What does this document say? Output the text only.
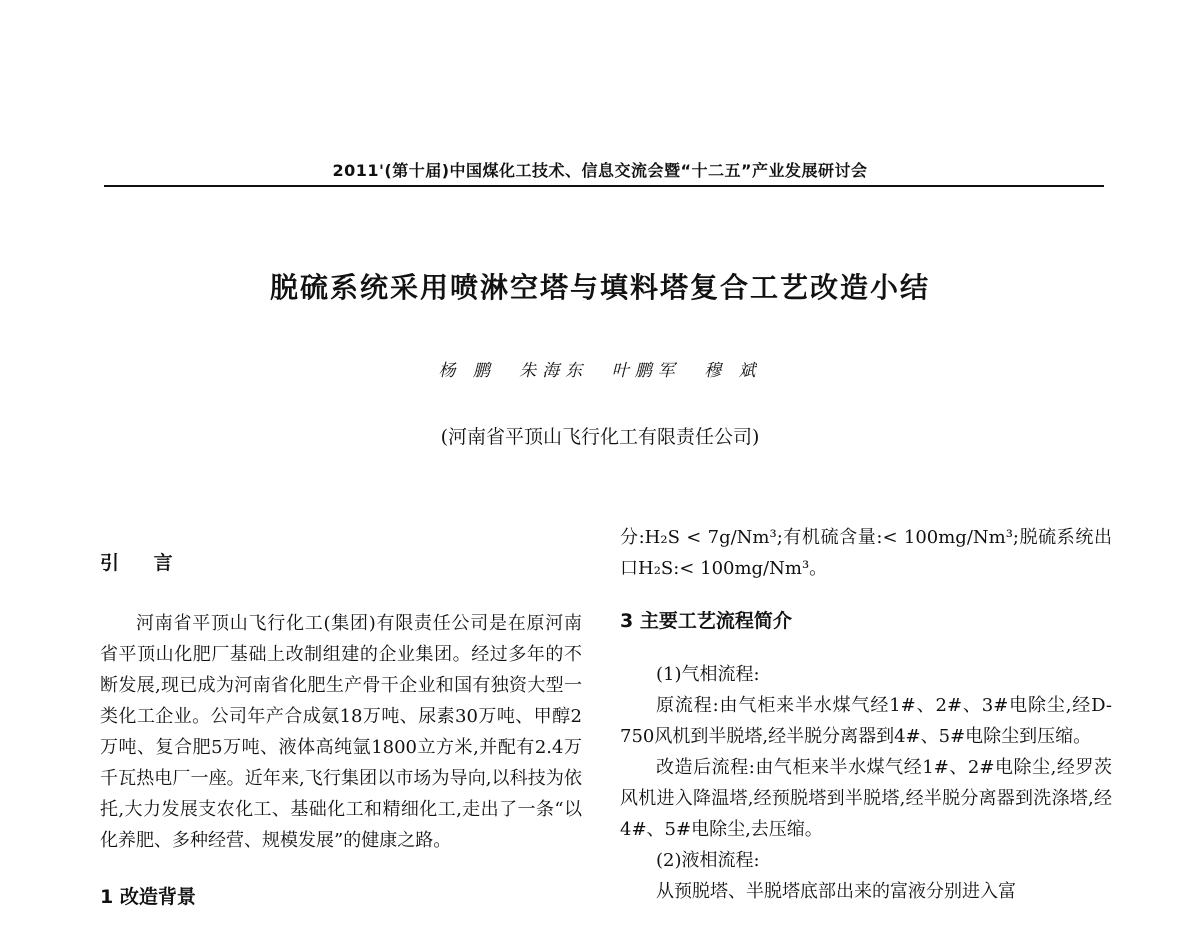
2011'(第十届)中国煤化工技术、信息交流会暨“十二五”产业发展研讨会
脱硫系统采用喷淋空塔与填料塔复合工艺改造小结
杨 鹏 朱海东 叶鹏军 穆 斌
(河南省平顶山飞行化工有限责任公司)
引 言

河南省平顶山飞行化工(集团)有限责任公司是在原河南省平顶山化肥厂基础上改制组建的企业集团。经过多年的不断发展,现已成为河南省化肥生产骨干企业和国有独资大型一类化工企业。公司年产合成氨18万吨、尿素30万吨、甲醇2万吨、复合肥5万吨、液体高纯氩1800立方米,并配有2.4万千瓦热电厂一座。近年来,飞行集团以市场为导向,以科技为依托,大力发展支农化工、基础化工和精细化工,走出了一条“以化养肥、多种经营、规模发展”的健康之路。

1 改造背景

分:H₂S < 7g/Nm³;有机硫含量:< 100mg/Nm³;脱硫系统出口H₂S:< 100mg/Nm³。

3 主要工艺流程简介

(1)气相流程:

原流程:由气柜来半水煤气经1#、2#、3#电除尘,经D-750风机到半脱塔,经半脱分离器到4#、5#电除尘到压缩。

改造后流程:由气柜来半水煤气经1#、2#电除尘,经罗茨风机进入降温塔,经预脱塔到半脱塔,经半脱分离器到洗涤塔,经4#、5#电除尘,去压缩。

(2)液相流程:

从预脱塔、半脱塔底部出来的富液分别进入富
